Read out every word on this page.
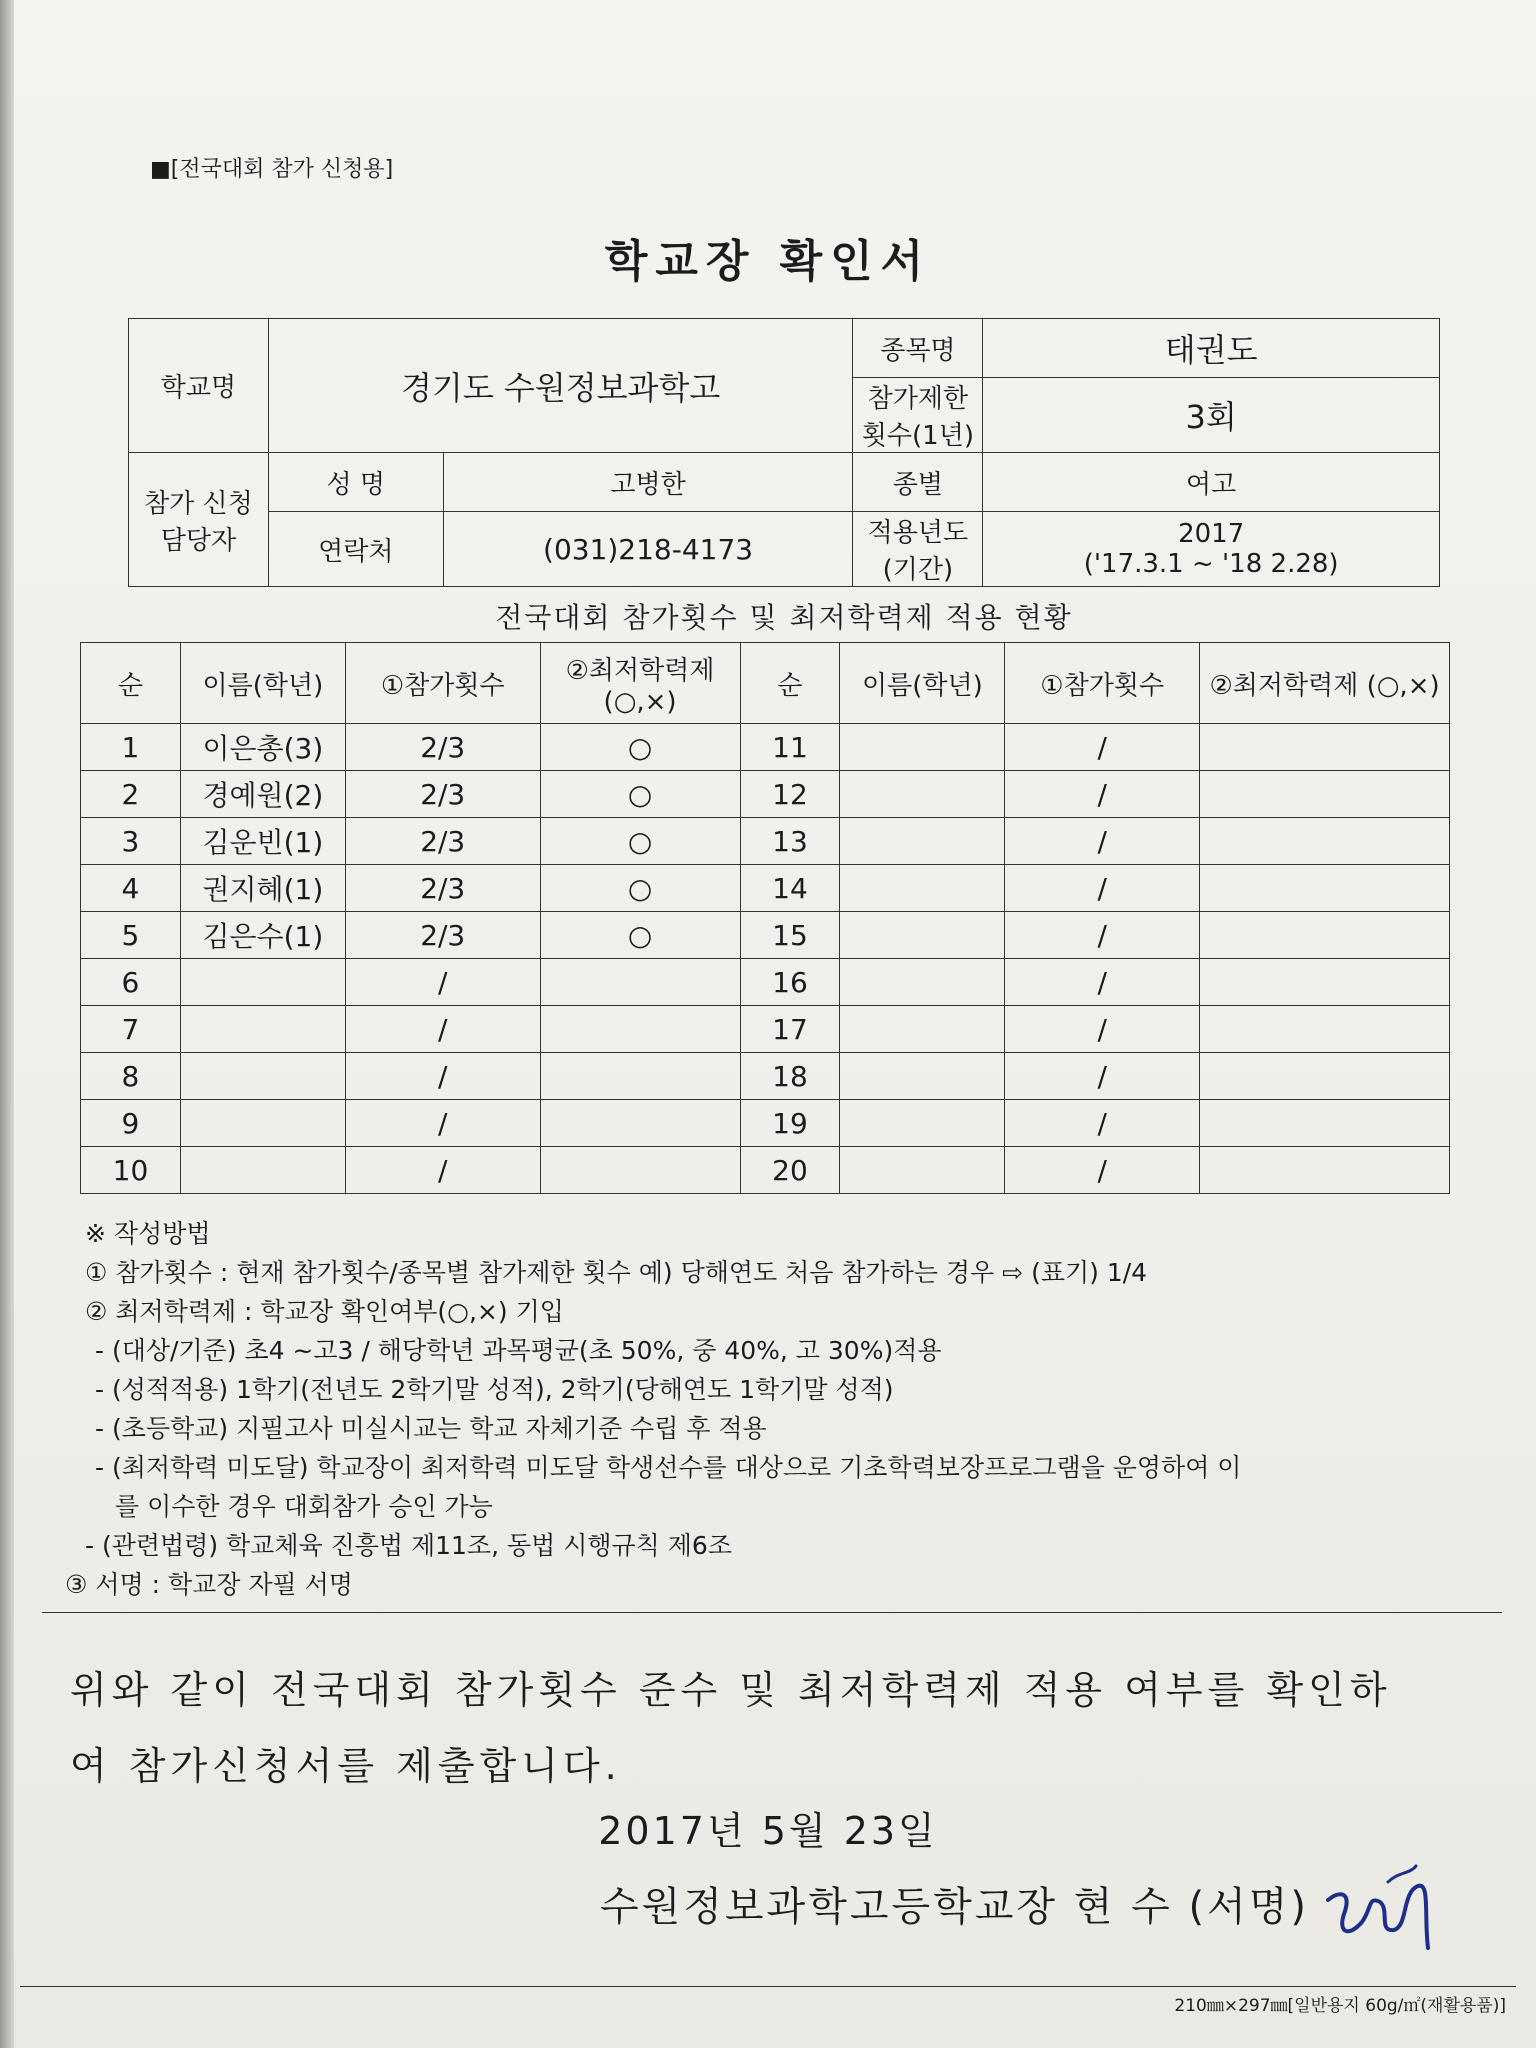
■[전국대회 참가 신청용]
학교장 확인서
학교명	경기도 수원정보과학고		종목명	태권도
			참가제한 횟수(1년)	3회
참가 신청 담당자	성 명	고병한	종별	여고
	연락처	(031)218-4173	적용년도 (기간)	2017
('17.3.1 ~ '18 2.28)
전국대회 참가횟수 및 최저학력제 적용 현황
순	이름(학년)	①참가횟수	②최저학력제 (○,×)	순	이름(학년)	①참가횟수	②최저학력제 (○,×)
1	이은총(3)	2/3	○	11		/	
2	경예원(2)	2/3	○	12		/	
3	김운빈(1)	2/3	○	13		/	
4	권지혜(1)	2/3	○	14		/	
5	김은수(1)	2/3	○	15		/	
6		/		16		/	
7		/		17		/	
8		/		18		/	
9		/		19		/	
10		/		20		/	
※ 작성방법
① 참가횟수 : 현재 참가횟수/종목별 참가제한 횟수 예) 당해연도 처음 참가하는 경우 ⇨ (표기) 1/4
② 최저학력제 : 학교장 확인여부(○,×) 기입
- (대상/기준) 초4 ~고3 / 해당학년 과목평균(초 50%, 중 40%, 고 30%)적용
- (성적적용) 1학기(전년도 2학기말 성적), 2학기(당해연도 1학기말 성적)
- (초등학교) 지필고사 미실시교는 학교 자체기준 수립 후 적용
- (최저학력 미도달) 학교장이 최저학력 미도달 학생선수를 대상으로 기초학력보장프로그램을 운영하여 이
를 이수한 경우 대회참가 승인 가능
- (관련법령) 학교체육 진흥법 제11조, 동법 시행규칙 제6조
③ 서명 : 학교장 자필 서명
위와 같이 전국대회 참가횟수 준수 및 최저학력제 적용 여부를 확인하
여 참가신청서를 제출합니다.
2017년 5월 23일
수원정보과학고등학교장 현 수 (서명)
210㎜×297㎜[일반용지 60g/㎡(재활용품)]
